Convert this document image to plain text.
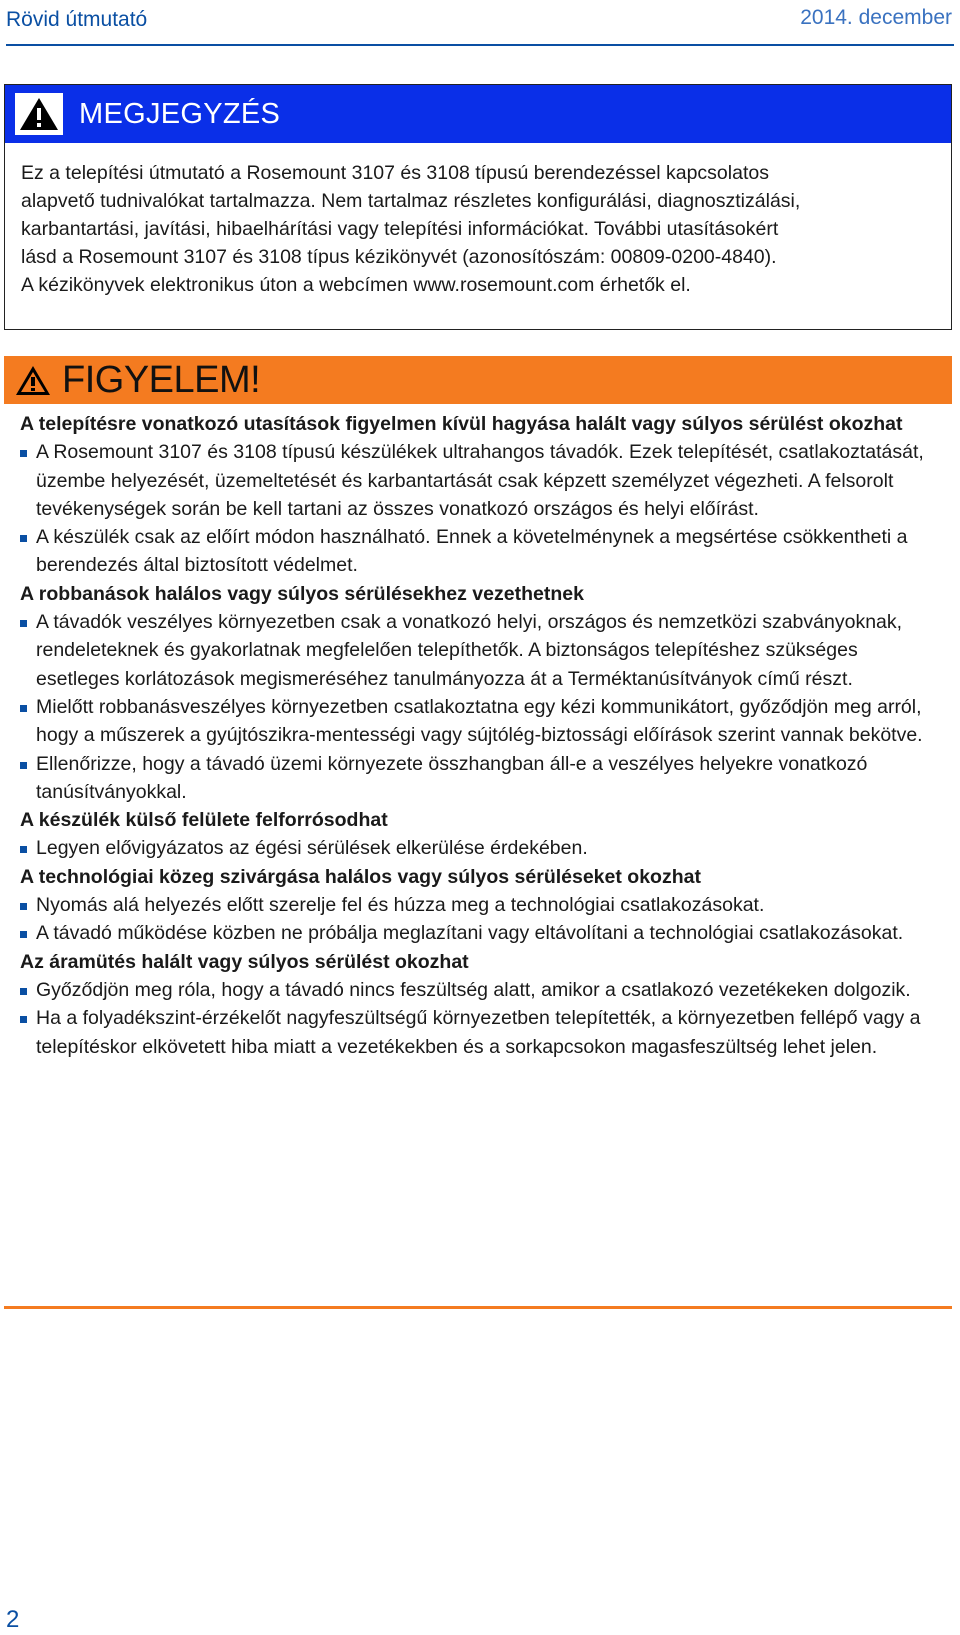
Rövid útmutató	2014. december
MEGJEGYZÉS
Ez a telepítési útmutató a Rosemount 3107 és 3108 típusú berendezéssel kapcsolatos
alapvető tudnivalókat tartalmazza. Nem tartalmaz részletes konfigurálási, diagnosztizálási,
karbantartási, javítási, hibaelhárítási vagy telepítési információkat. További utasításokért
lásd a Rosemount 3107 és 3108 típus kézikönyvét (azonosítószám: 00809-0200-4840).
A kézikönyvek elektronikus úton a webcímen www.rosemount.com érhetők el.
FIGYELEM!

A telepítésre vonatkozó utasítások figyelmen kívül hagyása halált vagy súlyos sérülést okozhat

A Rosemount 3107 és 3108 típusú készülékek ultrahangos távadók. Ezek telepítését, csatlakoztatását, üzembe helyezését, üzemeltetését és karbantartását csak képzett személyzet végezheti. A felsorolt tevékenységek során be kell tartani az összes vonatkozó országos és helyi előírást.

A készülék csak az előírt módon használható. Ennek a követelménynek a megsértése csökkentheti a berendezés által biztosított védelmet.

A robbanások halálos vagy súlyos sérülésekhez vezethetnek

A távadók veszélyes környezetben csak a vonatkozó helyi, országos és nemzetközi szabványoknak, rendeleteknek és gyakorlatnak megfelelően telepíthetők. A biztonságos telepítéshez szükséges esetleges korlátozások megismeréséhez tanulmányozza át a Terméktanúsítványok című részt.

Mielőtt robbanásveszélyes környezetben csatlakoztatna egy kézi kommunikátort, győződjön meg arról, hogy a műszerek a gyújtószikra-mentességi vagy sújtólég-biztossági előírások szerint vannak bekötve.

Ellenőrizze, hogy a távadó üzemi környezete összhangban áll-e a veszélyes helyekre vonatkozó tanúsítványokkal.

A készülék külső felülete felforrósodhat

Legyen elővigyázatos az égési sérülések elkerülése érdekében.

A technológiai közeg szivárgása halálos vagy súlyos sérüléseket okozhat

Nyomás alá helyezés előtt szerelje fel és húzza meg a technológiai csatlakozásokat.

A távadó működése közben ne próbálja meglazítani vagy eltávolítani a technológiai csatlakozásokat.

Az áramütés halált vagy súlyos sérülést okozhat

Győződjön meg róla, hogy a távadó nincs feszültség alatt, amikor a csatlakozó vezetékeken dolgozik.

Ha a folyadékszint-érzékelőt nagyfeszültségű környezetben telepítették, a környezetben fellépő vagy a telepítéskor elkövetett hiba miatt a vezetékekben és a sorkapcsokon magasfeszültség lehet jelen.

2
